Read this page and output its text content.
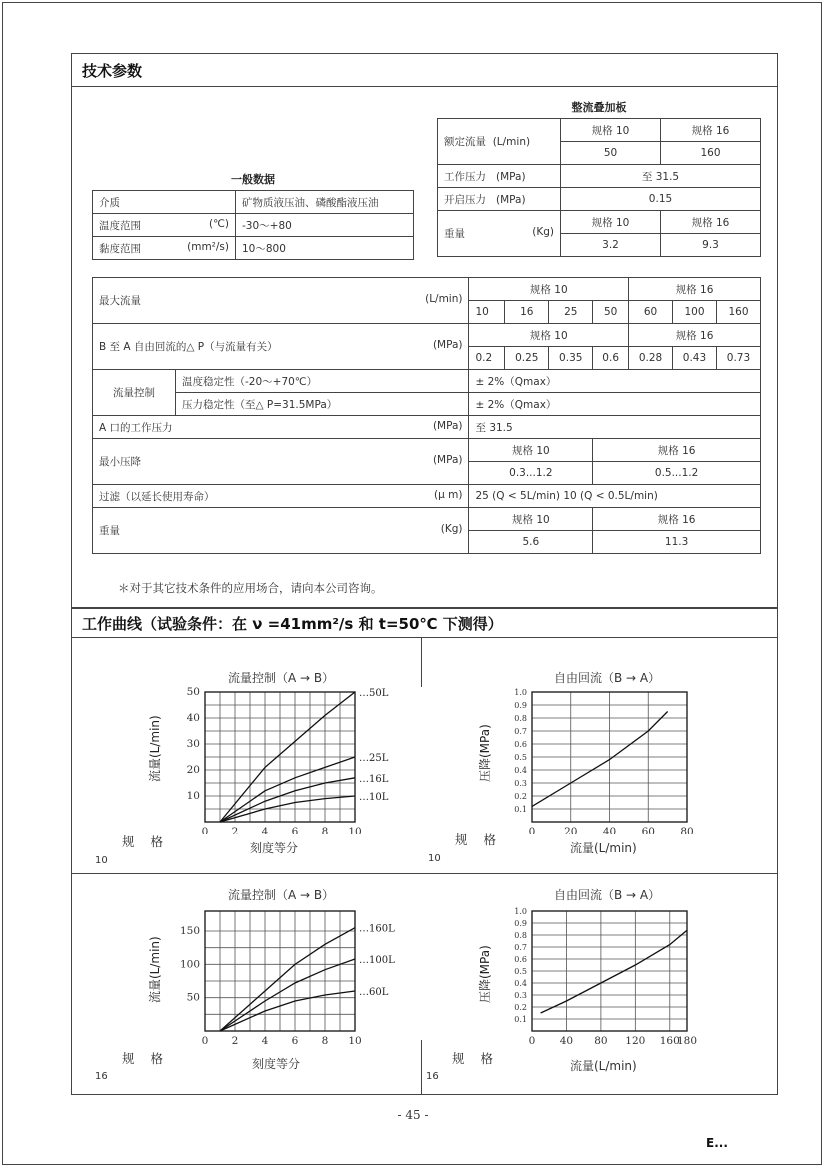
技术参数
一般数据
介质	矿物质液压油、磷酸酯液压油
温度范围 (℃)	-30～+80
黏度范围 (mm²/s)	10～800
整流叠加板
额定流量 (L/min)	规格 10	规格 16
	50	160
工作压力 (MPa)	至 31.5	
开启压力 (MPa)	0.15	
重量 (Kg)	规格 10	规格 16
	3.2	9.3
最大流量 (L/min)		规格 10				规格 16		
		10	16	25	50	60	100	160
B 至 A 自由回流的△ P（与流量有关） (MPa)		规格 10				规格 16		
		0.2	0.25	0.35	0.6	0.28	0.43	0.73
流量控制	温度稳定性（-20～+70℃）	± 2%（Qmax）						
	压力稳定性（至△ P=31.5MPa）	± 2%（Qmax）						
A 口的工作压力 (MPa)		至 31.5						
最小压降 (MPa)		规格 10			规格 16			
		0.3...1.2			0.5...1.2			
过滤（以延长使用寿命） (μ m)		25 (Q < 5L/min) 10 (Q < 0.5L/min)						
重量 (Kg)		规格 10			规格 16			
		5.6			11.3			
＊对于其它技术条件的应用场合，请向本公司咨询。
工作曲线（试验条件：在 ν =41mm²/s 和 t=50℃ 下测得）
流量控制（A → B）
流量(L/min)
0 2 4 6 8 10
10
20
30
40
50	…50L
…25L
…16L
…10L
刻度等分
规 格
10
自由回流（B → A）
压降(MPa)
0	20 40 60 80
0.1
0.2
0.3
0.4
0.5
0.6
0.7
0.8
0.9
1.0
流量(L/min)
规 格
10
流量控制（A → B）
流量(L/min)
0 2 4 6 8 10
50
100
150	…160L
…100L
…60L
刻度等分
规 格
16
自由回流（B → A）
压降(MPa)
0 40 80 120 160
180
0.1
0.2
0.3
0.4
0.5
0.6
0.7
0.8
0.9
1.0
流量(L/min)
规 格
16
- 45 -
E...
